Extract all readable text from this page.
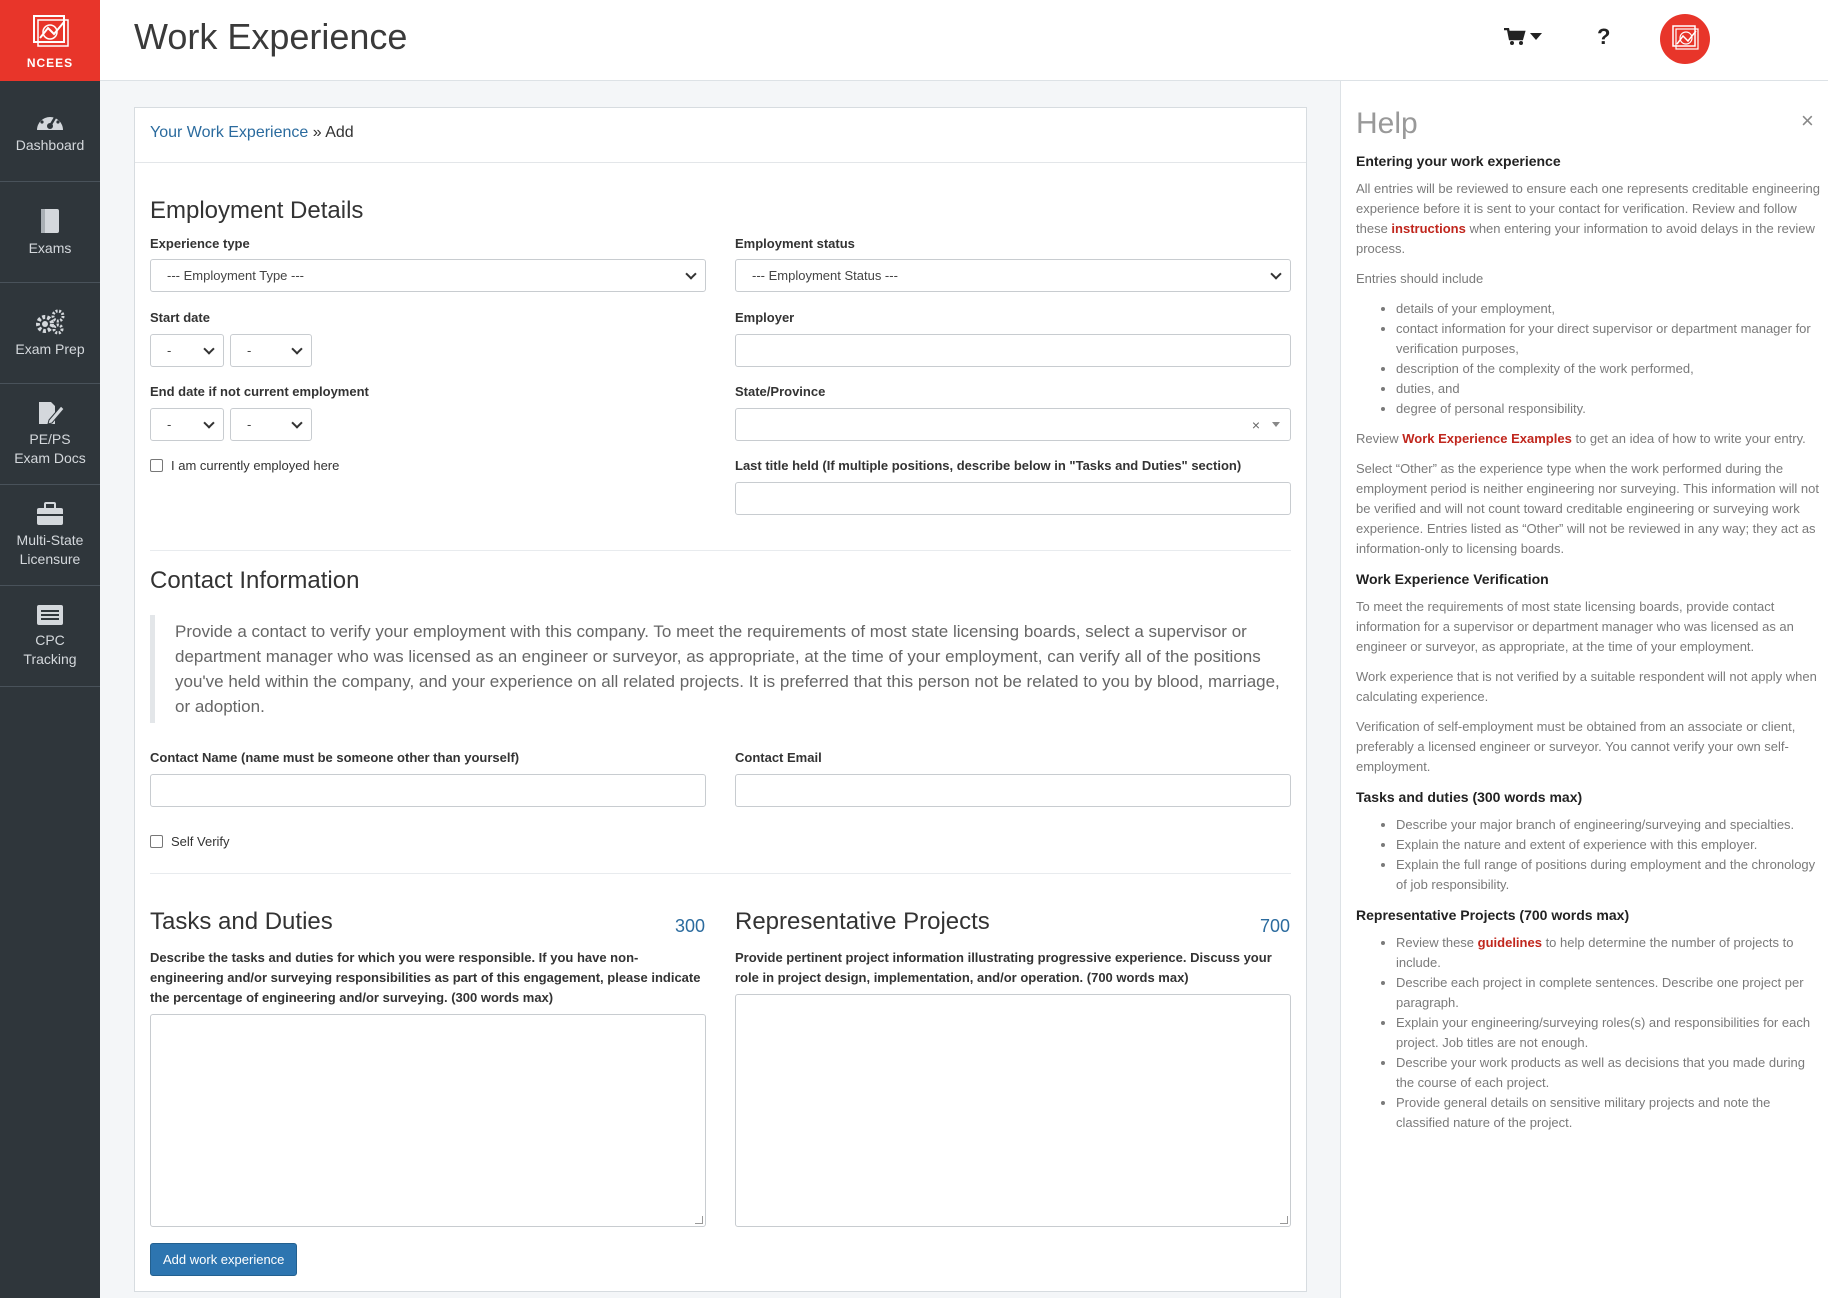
NCEES
Dashboard
Exams
Exam Prep
PE/PS
Exam Docs
Multi-State
Licensure
CPC
Tracking
Work Experience	?
Your Work Experience » Add
Employment Details
Experience type
--- Employment Type ---
Employment status
--- Employment Status ---
Start date
-	-
Employer
End date if not current employment
-	-
State/Province
×
I am currently employed here	Last title held (If multiple positions, describe below in "Tasks and Duties" section)
Contact Information
Provide a contact to verify your employment with this company. To meet the requirements of most state licensing boards, select a supervisor or department manager who was licensed as an engineer or surveyor, as appropriate, at the time of your employment, can verify all of the positions you've held within the company, and your experience on all related projects. It is preferred that this person not be related to you by blood, marriage, or adoption.
Contact Name (name must be someone other than yourself)	Contact Email
Self Verify
Tasks and Duties	300
Describe the tasks and duties for which you were responsible. If you have non-engineering and/or surveying responsibilities as part of this engagement, please indicate the percentage of engineering and/or surveying. (300 words max)
Representative Projects	700
Provide pertinent project information illustrating progressive experience. Discuss your role in project design, implementation, and/or operation. (700 words max)
Add work experience
Help	×
Entering your work experience

All entries will be reviewed to ensure each one represents creditable engineering experience before it is sent to your contact for verification. Review and follow these instructions when entering your information to avoid delays in the review process.

Entries should include

• details of your employment,
• contact information for your direct supervisor or department manager for verification purposes,
• description of the complexity of the work performed,
• duties, and
• degree of personal responsibility.

Review Work Experience Examples to get an idea of how to write your entry.

Select “Other” as the experience type when the work performed during the employment period is neither engineering nor surveying. This information will not be verified and will not count toward creditable engineering or surveying work experience. Entries listed as “Other” will not be reviewed in any way; they act as information-only to licensing boards.

Work Experience Verification

To meet the requirements of most state licensing boards, provide contact information for a supervisor or department manager who was licensed as an engineer or surveyor, as appropriate, at the time of your employment.

Work experience that is not verified by a suitable respondent will not apply when calculating experience.

Verification of self-employment must be obtained from an associate or client, preferably a licensed engineer or surveyor. You cannot verify your own self-employment.

Tasks and duties (300 words max)
• Describe your major branch of engineering/surveying and specialties.
• Explain the nature and extent of experience with this employer.
• Explain the full range of positions during employment and the chronology of job responsibility.
Representative Projects (700 words max)
• Review these guidelines to help determine the number of projects to include.
• Describe each project in complete sentences. Describe one project per paragraph.
• Explain your engineering/surveying roles(s) and responsibilities for each project. Job titles are not enough.
• Describe your work products as well as decisions that you made during the course of each project.
• Provide general details on sensitive military projects and note the classified nature of the project.
